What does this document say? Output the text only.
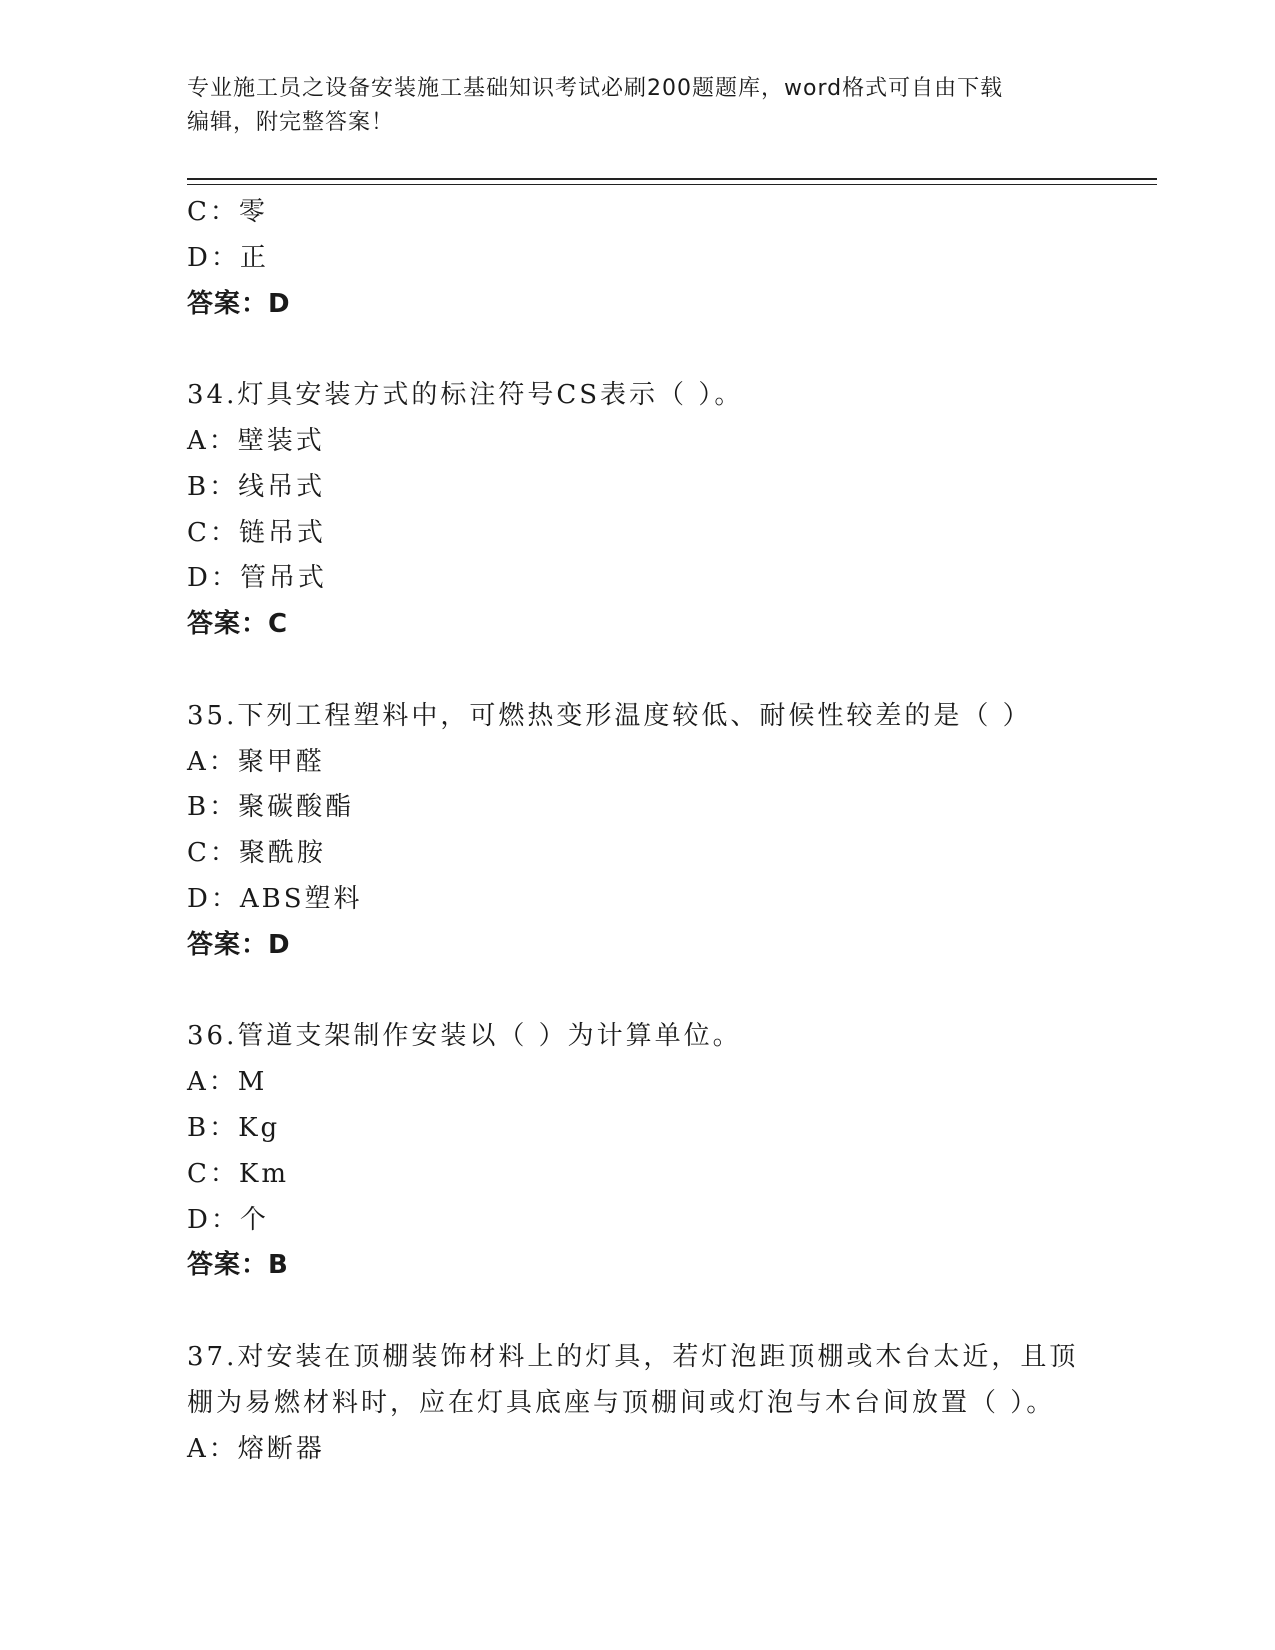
专业施工员之设备安装施工基础知识考试必刷200题题库，word格式可自由下载
编辑，附完整答案！
C：零
D：正
答案：D
34.灯具安装方式的标注符号CS表示（ ）。
A：壁装式
B：线吊式
C：链吊式
D：管吊式
答案：C
35.下列工程塑料中，可燃热变形温度较低、耐候性较差的是（ ）
A：聚甲醛
B：聚碳酸酯
C：聚酰胺
D：ABS塑料
答案：D
36.管道支架制作安装以（ ）为计算单位。
A：M
B：Kg
C：Km
D：个
答案：B
37.对安装在顶棚装饰材料上的灯具，若灯泡距顶棚或木台太近，且顶
棚为易燃材料时，应在灯具底座与顶棚间或灯泡与木台间放置（ ）。
A：熔断器
